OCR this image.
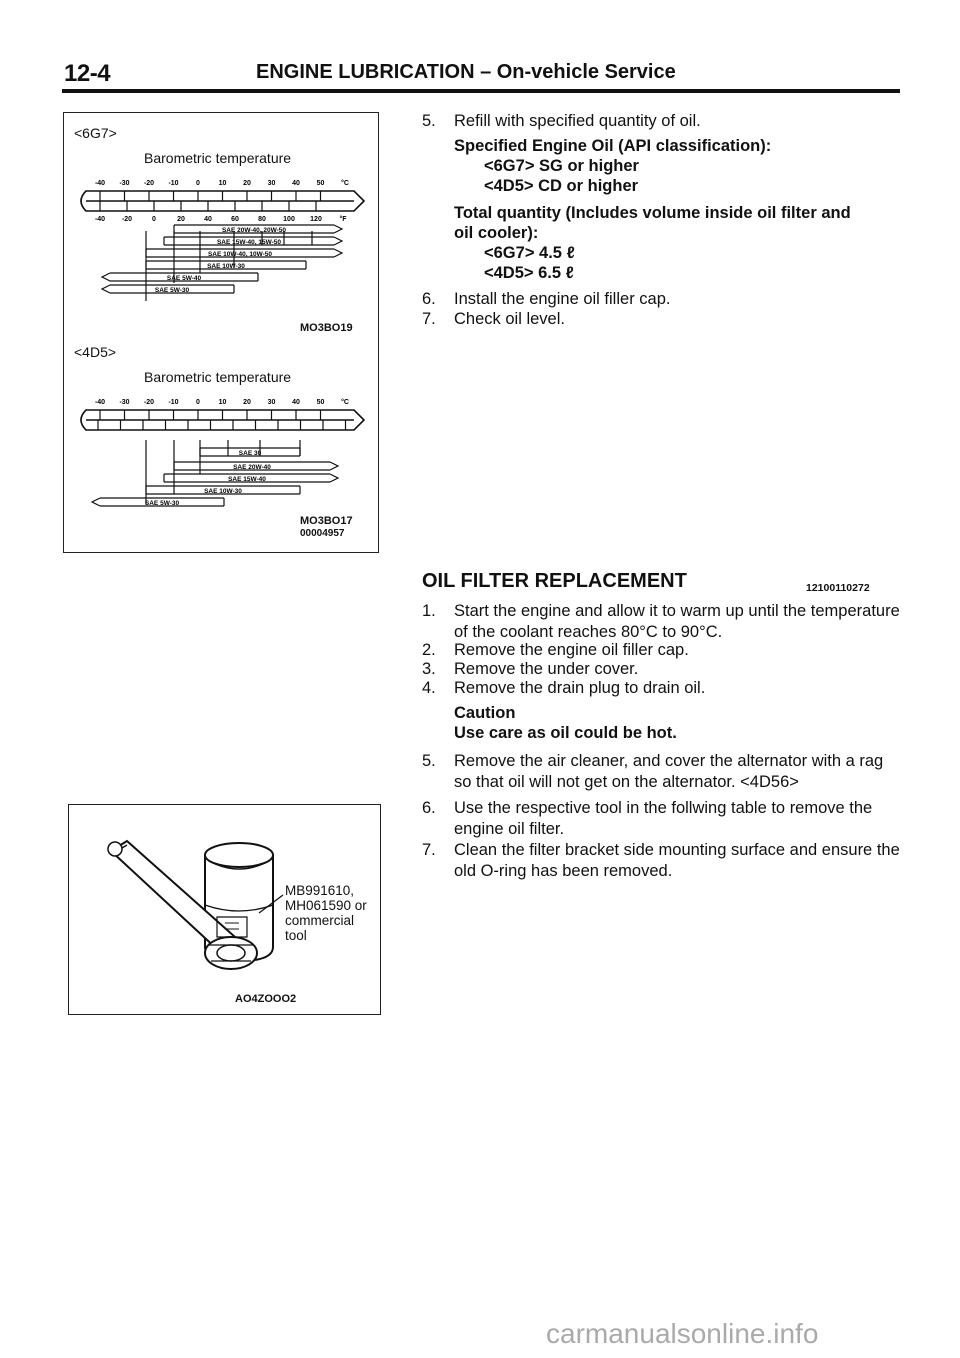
12-4	ENGINE LUBRICATION – On-vehicle Service
<6G7>
Barometric temperature
-40 -30 -20 -10 0	10 20 30 40 50 °C
-40 -20	0	20	40	60	80 100 120	°F
SAE 20W-40, 20W-50
SAE 15W-40, 15W-50
SAE 10W-40, 10W-50
SAE 10W-30
SAE 5W-40
SAE 5W-30
MO3BO19
<4D5>
Barometric temperature
-40 -30 -20 -10 0	10 20 30 40 50 °C
SAE 30
SAE 20W-40
SAE 15W-40
SAE 10W-30
SAE 5W-30
MO3BO17
00004957
MB991610,
MH061590 or
commercial
tool
AO4ZOOO2
5. Refill with specified quantity of oil.
Specified Engine Oil (API classification):
<6G7> SG or higher
<4D5> CD or higher
Total quantity (Includes volume inside oil filter and
oil cooler):
<6G7> 4.5 ℓ
<4D5> 6.5 ℓ
6. Install the engine oil filler cap.
7. Check oil level.
OIL FILTER REPLACEMENT	12100110272
1. Start the engine and allow it to warm up until the temperature of the coolant reaches 80°C to 90°C.
2. Remove the engine oil filler cap.
3. Remove the under cover.
4. Remove the drain plug to drain oil.
Caution
Use care as oil could be hot.
5. Remove the air cleaner, and cover the alternator with a rag so that oil will not get on the alternator. <4D56>
6. Use the respective tool in the follwing table to remove the engine oil filter.
7. Clean the filter bracket side mounting surface and ensure the old O-ring has been removed.
carmanualsonline.info
